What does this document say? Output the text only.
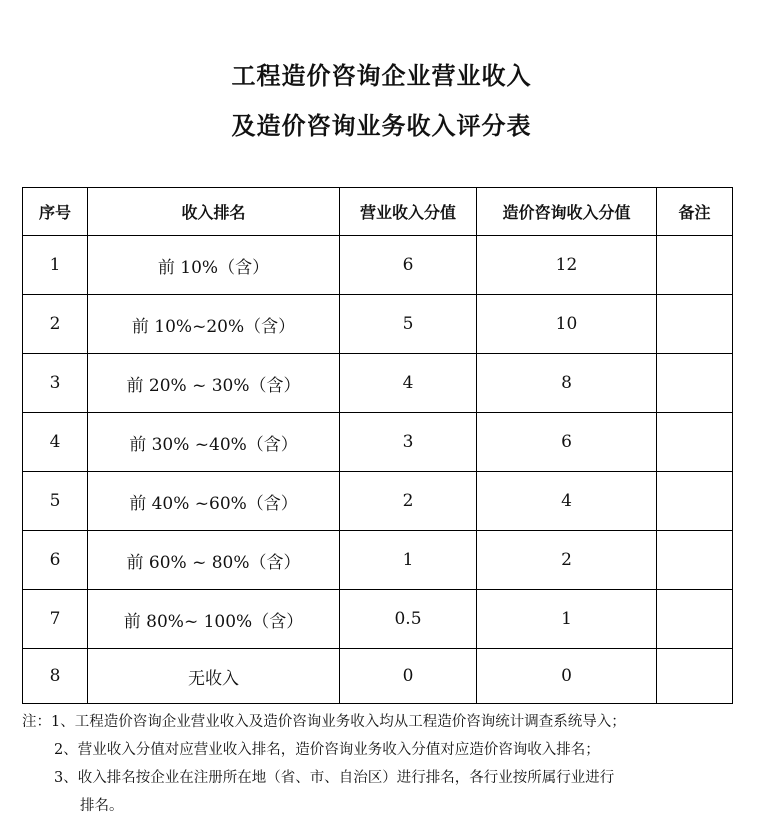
工程造价咨询企业营业收入
及造价咨询业务收入评分表
序号	收入排名	营业收入分值	造价咨询收入分值	备注
1	前 10%（含）	6	12	
2	前 10%~20%（含）	5	10	
3	前 20% ~ 30%（含）	4	8	
4	前 30% ~40%（含）	3	6	
5	前 40% ~60%（含）	2	4	
6	前 60% ~ 80%（含）	1	2	
7	前 80%~ 100%（含）	0.5	1	
8	无收入	0	0	
注：1、工程造价咨询企业营业收入及造价咨询业务收入均从工程造价咨询统计调查系统导入；
2、营业收入分值对应营业收入排名，造价咨询业务收入分值对应造价咨询收入排名；
3、收入排名按企业在注册所在地（省、市、自治区）进行排名，各行业按所属行业进行
排名。
